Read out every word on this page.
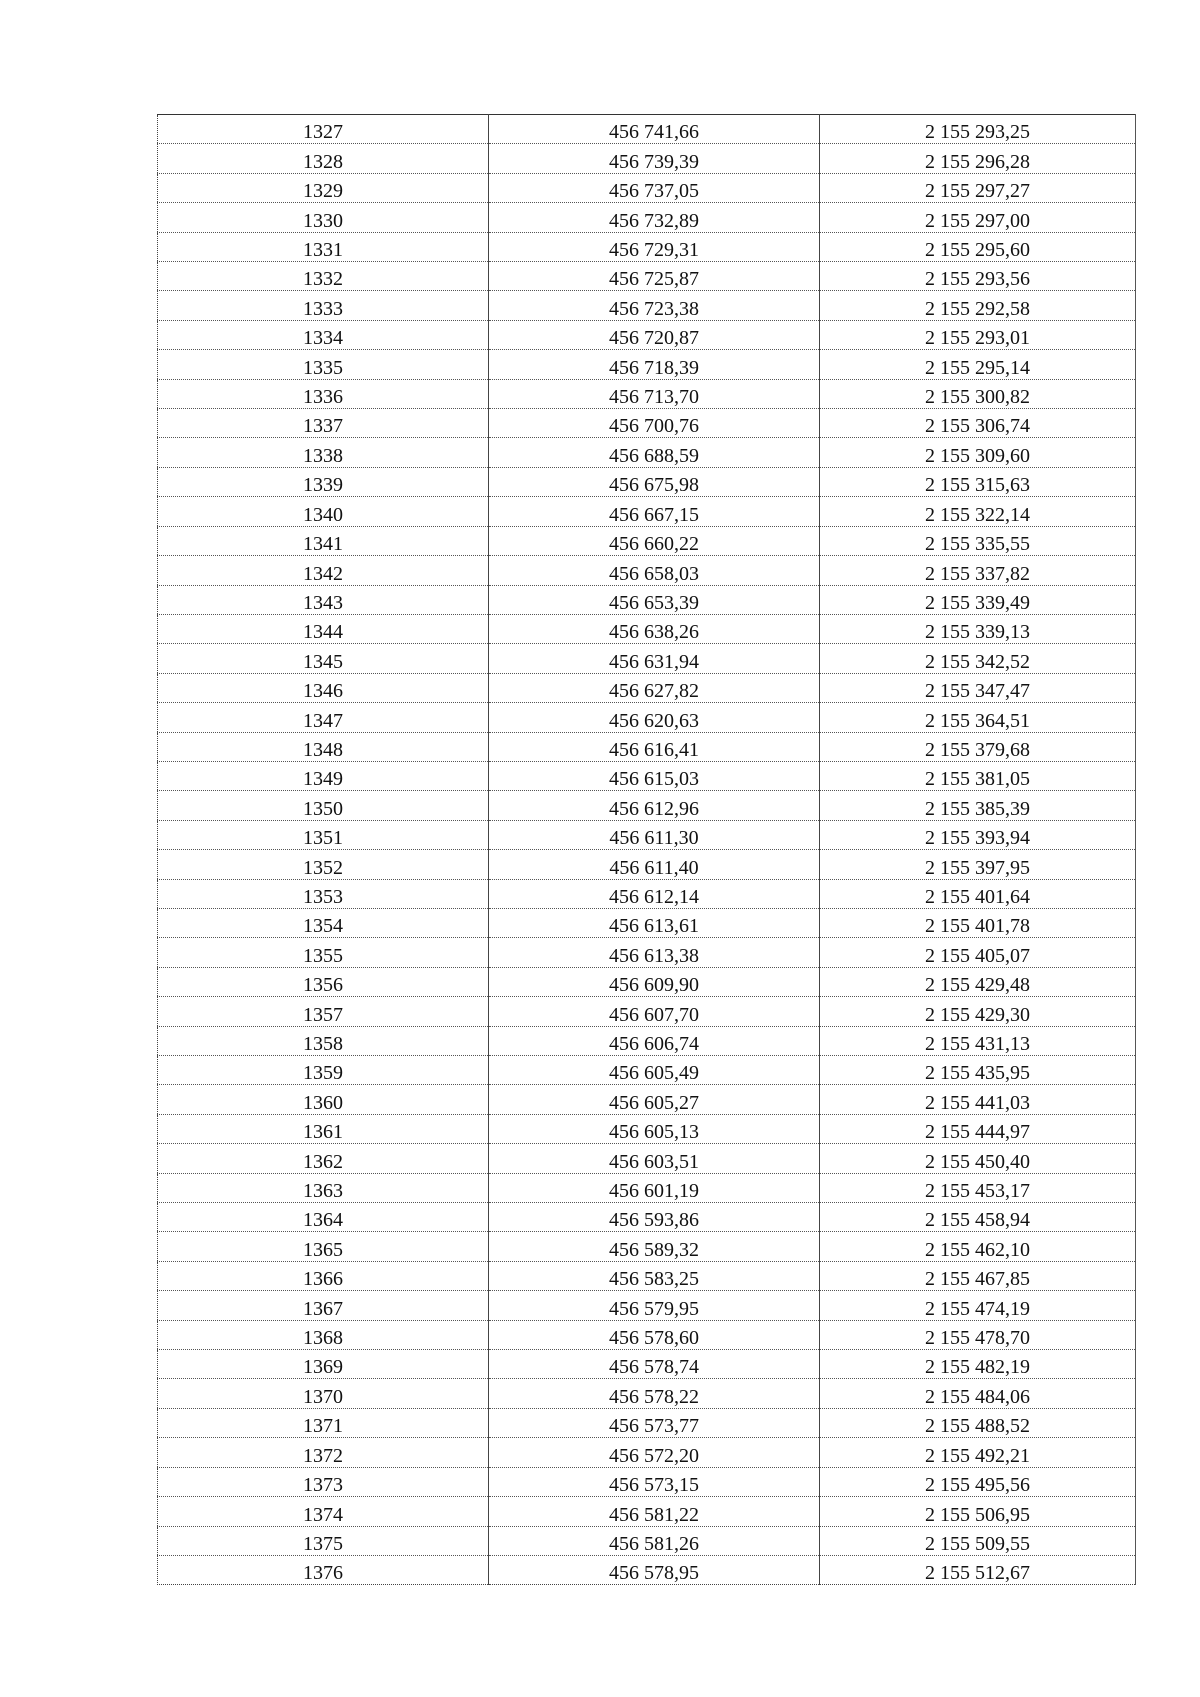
1327	456 741,66	2 155 293,25
1328	456 739,39	2 155 296,28
1329	456 737,05	2 155 297,27
1330	456 732,89	2 155 297,00
1331	456 729,31	2 155 295,60
1332	456 725,87	2 155 293,56
1333	456 723,38	2 155 292,58
1334	456 720,87	2 155 293,01
1335	456 718,39	2 155 295,14
1336	456 713,70	2 155 300,82
1337	456 700,76	2 155 306,74
1338	456 688,59	2 155 309,60
1339	456 675,98	2 155 315,63
1340	456 667,15	2 155 322,14
1341	456 660,22	2 155 335,55
1342	456 658,03	2 155 337,82
1343	456 653,39	2 155 339,49
1344	456 638,26	2 155 339,13
1345	456 631,94	2 155 342,52
1346	456 627,82	2 155 347,47
1347	456 620,63	2 155 364,51
1348	456 616,41	2 155 379,68
1349	456 615,03	2 155 381,05
1350	456 612,96	2 155 385,39
1351	456 611,30	2 155 393,94
1352	456 611,40	2 155 397,95
1353	456 612,14	2 155 401,64
1354	456 613,61	2 155 401,78
1355	456 613,38	2 155 405,07
1356	456 609,90	2 155 429,48
1357	456 607,70	2 155 429,30
1358	456 606,74	2 155 431,13
1359	456 605,49	2 155 435,95
1360	456 605,27	2 155 441,03
1361	456 605,13	2 155 444,97
1362	456 603,51	2 155 450,40
1363	456 601,19	2 155 453,17
1364	456 593,86	2 155 458,94
1365	456 589,32	2 155 462,10
1366	456 583,25	2 155 467,85
1367	456 579,95	2 155 474,19
1368	456 578,60	2 155 478,70
1369	456 578,74	2 155 482,19
1370	456 578,22	2 155 484,06
1371	456 573,77	2 155 488,52
1372	456 572,20	2 155 492,21
1373	456 573,15	2 155 495,56
1374	456 581,22	2 155 506,95
1375	456 581,26	2 155 509,55
1376	456 578,95	2 155 512,67
